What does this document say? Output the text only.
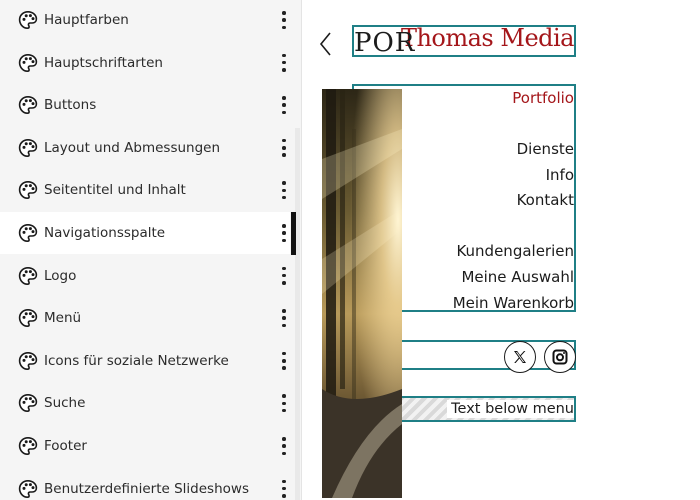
Hauptfarben
Hauptschriftarten
Buttons
Layout und Abmessungen
Seitentitel und Inhalt
Navigationsspalte
Logo
Menü
Icons für soziale Netzwerke
Suche
Footer
Benutzerdefinierte Slideshows
Thomas Media
Portfolio
Dienste
Info
Kontakt
Kundengalerien
Meine Auswahl
Mein Warenkorb
Text below menu
POR
